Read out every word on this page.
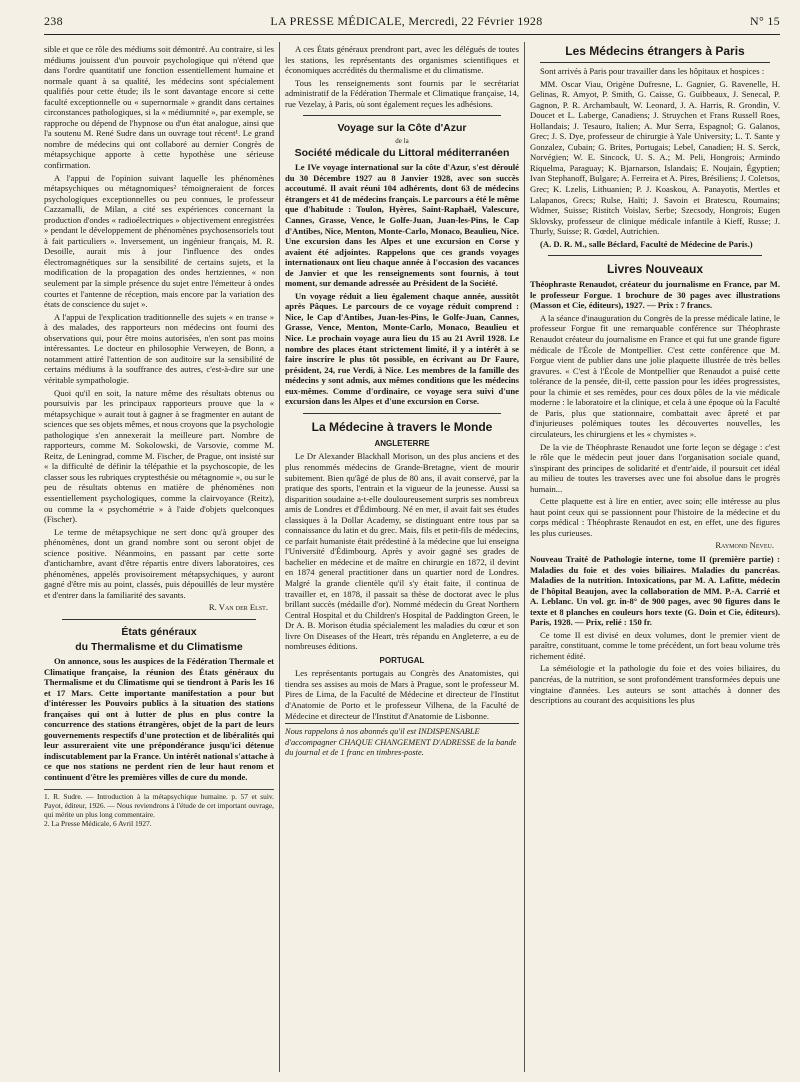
238	LA PRESSE MÉDICALE, Mercredi, 22 Février 1928	N° 15

sible et que ce rôle des médiums soit démontré. Au contraire, si les médiums jouissent d'un pouvoir psychologique qui n'étend que dans l'ordre quantitatif une fonction essentiellement humaine et normale quant à sa qualité, les médecins sont spécialement qualifiés pour cette étude; ils le sont davantage encore si cette faculté exceptionnelle ou « supernormale » grandit dans certaines circonstances pathologiques, si la « médiumnité », par exemple, se rapproche ou dépend de l'hypnose ou d'un état analogue, ainsi que l'a soutenu M. René Sudre dans un ouvrage tout récent¹. Le grand nombre de médecins qui ont collaboré au dernier Congrès de métapsychique apporte à cette hypothèse une sérieuse confirmation.

A l'appui de l'opinion suivant laquelle les phénomènes métapsychiques ou métagnomiques² témoigneraient de forces psychologiques exceptionnelles ou peu connues, le professeur Cazzamalli, de Milan, a cité ses expériences concernant la production d'ondes « radioélectriques » objectivement enregistrées » pendant le développement de phénomènes psychosensoriels tout à fait particuliers ». Inversement, un ingénieur français, M. R. Desoille, aurait mis à jour l'influence des ondes électromagnétiques sur la sensibilité de certains sujets, et la modification de la propagation des ondes hertziennes, « non seulement par la simple présence du sujet entre l'émetteur à ondes courtes et l'antenne de réception, mais encore par la variation des états de conscience du sujet ».

A l'appui de l'explication traditionnelle des sujets « en transe » à des malades, des rapporteurs non médecins ont fourni des observations qui, pour être moins autorisées, n'en sont pas moins intéressantes. Le docteur en philosophie Verweyen, de Bonn, a notamment attiré l'attention de son auditoire sur la sensibilité de certains médiums à la souffrance des autres, c'est-à-dire sur une véritable sympathologie.

Quoi qu'il en soit, la nature même des résultats obtenus ou poursuivis par les principaux rapporteurs prouve que la « métapsychique » aurait tout à gagner à se fragmenter en autant de sciences que ses objets mêmes, et nous croyons que la psychologie pathologique s'en annexerait la meilleure part. Nombre de rapporteurs, comme M. Sokolowski, de Varsovie, comme M. Reitz, de Leningrad, comme M. Fischer, de Prague, ont insisté sur « la difficulté de définir la télépathie et la psychoscopie, de les classer sous les rubriques cryptesthésie ou métagnomie », ou sur le peu de résultats obtenus en matière de phénomènes non essentiellement psychologiques, comme la clairvoyance (Reitz), ou comme la « psychométrie » à l'aide d'objets quelconques (Fischer).

Le terme de métapsychique ne sert donc qu'à grouper des phénomènes, dont un grand nombre sont ou seront objet de science positive. Néanmoins, en passant par cette sorte d'antichambre, avant d'être répartis entre divers laboratoires, ces phénomènes, appelés provisoirement métapsychiques, y auront gagné d'être mis au point, classés, puis dépouillés de leur mystère et d'entrer dans la familiarité des savants.

R. Van der Elst.
États généraux
du Thermalisme et du Climatisme

On annonce, sous les auspices de la Fédération Thermale et Climatique française, la réunion des États généraux du Thermalisme et du Climatisme qui se tiendront à Paris les 16 et 17 Mars. Cette importante manifestation a pour but d'intéresser les Pouvoirs publics à la situation des stations françaises qui ont à lutter de plus en plus contre la concurrence des stations étrangères, objet de la part de leurs gouvernements respectifs d'une protection et de libéralités qui leur assureraient vite une prépondérance jusqu'ici détenue indiscutablement par la France. Un intérêt national s'attache à ce que nos stations ne perdent rien de leur haut renom et continuent d'être les premières villes de cure du monde.

1. R. Sudre. — Introduction à la métapsychique humaine. p. 57 et suiv. Payot, éditeur, 1926. — Nous reviendrons à l'étude de cet important ouvrage, qui mérite un plus long commentaire.
2. La Presse Médicale, 6 Avril 1927.

A ces États généraux prendront part, avec les délégués de toutes les stations, les représentants des organismes scientifiques et économiques accrédités du thermalisme et du climatisme.

Tous les renseignements sont fournis par le secrétariat administratif de la Fédération Thermale et Climatique française, 14, rue Vezelay, à Paris, où sont également reçues les adhésions.

Voyage sur la Côte d'Azur
de la
Société médicale du Littoral méditerranéen

Le IVe voyage international sur la côte d'Azur, s'est déroulé du 30 Décembre 1927 au 8 Janvier 1928, avec son succès accoutumé. Il avait réuni 104 adhérents, dont 63 de médecins étrangers et 41 de médecins français. Le parcours a été le même que d'habitude : Toulon, Hyères, Saint-Raphaël, Valescure, Cannes, Grasse, Vence, le Golfe-Juan, Juan-les-Pins, le Cap d'Antibes, Nice, Menton, Monte-Carlo, Monaco, Beaulieu, Nice. Une excursion dans les Alpes et une excursion en Corse y avaient été adjointes. Rappelons que ces grands voyages internationaux ont lieu chaque année à l'occasion des vacances de Janvier et que les renseignements sont fournis, à tout moment, sur demande adressée au Président de la Société.

Un voyage réduit a lieu également chaque année, aussitôt après Pâques. Le parcours de ce voyage réduit comprend : Nice, le Cap d'Antibes, Juan-les-Pins, le Golfe-Juan, Cannes, Grasse, Vence, Menton, Monte-Carlo, Monaco, Beaulieu et Nice. Le prochain voyage aura lieu du 15 au 21 Avril 1928. Le nombre des places étant strictement limité, il y a intérêt à se faire inscrire le plus tôt possible, en écrivant au Dr Faure, président, 24, rue Verdi, à Nice. Les membres de la famille des médecins y sont admis, aux mêmes conditions que les médecins eux-mêmes. Comme d'ordinaire, ce voyage sera suivi d'une excursion dans les Alpes et d'une excursion en Corse.

La Médecine à travers le Monde
ANGLETERRE

Le Dr Alexander Blackhall Morison, un des plus anciens et des plus renommés médecins de Grande-Bretagne, vient de mourir subitement. Bien qu'âgé de plus de 80 ans, il avait conservé, par la pratique des sports, l'entrain et la vigueur de la jeunesse. Aussi sa disparition soudaine a-t-elle douloureusement surpris ses nombreux amis de Londres et d'Édimbourg. Né en mer, il avait fait ses études classiques à la Dollar Academy, se distinguant entre tous par sa connaissance du latin et du grec. Mais, fils et petit-fils de médecins, ce parfait humaniste était prédestiné à la médecine que lui enseigna l'Université d'Édimbourg. Après y avoir gagné ses grades de bachelier en médecine et de maître en chirurgie en 1872, il devint en 1874 general practitioner dans un quartier nord de Londres. Malgré la grande clientèle qu'il s'y était faite, il continua de travailler et, en 1878, il passait sa thèse de doctorat avec le plus brillant succès (médaille d'or). Nommé médecin du Great Northern Central Hospital et du Children's Hospital de Paddington Green, le Dr A. B. Morison étudia spécialement les maladies du cœur et son livre On Diseases of the Heart, très répandu en Angleterre, a eu de nombreuses éditions.

PORTUGAL

Les représentants portugais au Congrès des Anatomistes, qui tiendra ses assises au mois de Mars à Prague, sont le professeur M. Pires de Lima, de la Faculté de Médecine et directeur de l'Institut d'Anatomie de Porto et le professeur Vilhena, de la Faculté de Médecine et directeur de l'Institut d'Anatomie de Lisbonne.

Nous rappelons à nos abonnés qu'il est INDISPENSABLE d'accompagner CHAQUE CHANGEMENT D'ADRESSE de la bande du journal et de 1 franc en timbres-poste.
Les Médecins étrangers à Paris

Sont arrivés à Paris pour travailler dans les hôpitaux et hospices :

MM. Oscar Viau, Origène Dufresne, L. Gagnier, G. Ravenelle, H. Gelinas, R. Amyot, P. Smith, G. Caisse, G. Guibbeaux, J. Senecal, P. Gagnon, P. R. Archambault, W. Leonard, J. A. Harris, R. Grondin, V. Doucet et L. Laberge, Canadiens; J. Struychen et Frans Russell Roes, Hollandais; J. Tesauro, Italien; A. Mur Serra, Espagnol; G. Galanos, Grec; J. S. Dye, professeur de chirurgie à Yale University; L. T. Sante y Gonzalez, Cubain; G. Brites, Portugais; Lebel, Canadien; H. S. Serck, Norvégien; W. E. Sincock, U. S. A.; M. Peli, Hongrois; Armindo Riquelma, Paraguay; K. Bjarnarson, Islandais; E. Noujain, Égyptien; Ivan Stephanoff, Bulgare; A. Ferreira et A. Pires, Brésiliens; J. Coletsos, Grec; K. Lzelis, Lithuanien; P. J. Koaskou, A. Panayotis, Mertles et Lalapanos, Grecs; Rulse, Haïti; J. Savoin et Bratescu, Roumains; Widmer, Suisse; Ristitch Voislav, Serbe; Szecsody, Hongrois; Eugen Sklovsky, professeur de clinique médicale infantile à Kieff, Russe; J. Thurly, Suisse; R. Gœdel, Autrichien.

(A. D. R. M., salle Béclard, Faculté de Médecine de Paris.)

Livres Nouveaux

Théophraste Renaudot, créateur du journalisme en France, par M. le professeur Forgue. 1 brochure de 30 pages avec illustrations (Masson et Cie, éditeurs), 1927. — Prix : 7 francs.

A la séance d'inauguration du Congrès de la presse médicale latine, le professeur Forgue fit une remarquable conférence sur Théophraste Renaudot créateur du journalisme en France et qui fut une grande figure médicale de l'École de Montpellier. C'est cette conférence que M. Forgue vient de publier dans une jolie plaquette illustrée de très belles gravures. « C'est à l'École de Montpellier que Renaudot a puisé cette tolérance de la pensée, dit-il, cette passion pour les idées progressistes, pour la chimie et ses remèdes, pour ces doux pôles de la vie médicale moderne : le laboratoire et la clinique, et cela à une époque où la Faculté de Paris, plus que stationnaire, combattait avec âpreté et par d'injurieuses polémiques toutes les découvertes nouvelles, les circulateurs, les chirurgiens et les « chymistes ».

De la vie de Théophraste Renaudot une forte leçon se dégage : c'est le rôle que le médecin peut jouer dans l'organisation sociale quand, s'inspirant des principes de solidarité et d'entr'aide, il poursuit cet idéal au milieu de toutes les traverses avec une foi absolue dans le progrès humain...

Cette plaquette est à lire en entier, avec soin; elle intéresse au plus haut point ceux qui se passionnent pour l'histoire de la médecine et du corps médical : Théophraste Renaudot en est, en effet, une des figures les plus curieuses.

Raymond Neveu.

Nouveau Traité de Pathologie interne, tome II (première partie) : Maladies du foie et des voies biliaires. Maladies du pancréas. Maladies de la nutrition. Intoxications, par M. A. Lafitte, médecin de l'hôpital Beaujon, avec la collaboration de MM. P.-A. Carrié et A. Leblanc. Un vol. gr. in-8° de 900 pages, avec 90 figures dans le texte et 8 planches en couleurs hors texte (G. Doin et Cie, éditeurs). Paris, 1928. — Prix, relié : 150 fr.

Ce tome II est divisé en deux volumes, dont le premier vient de paraître, constituant, comme le tome précédent, un fort beau volume très richement édité.

La séméiologie et la pathologie du foie et des voies biliaires, du pancréas, de la nutrition, se sont profondément transformées depuis une vingtaine d'années. Les auteurs se sont attachés à donner des descriptions au courant des acquisitions les plus
